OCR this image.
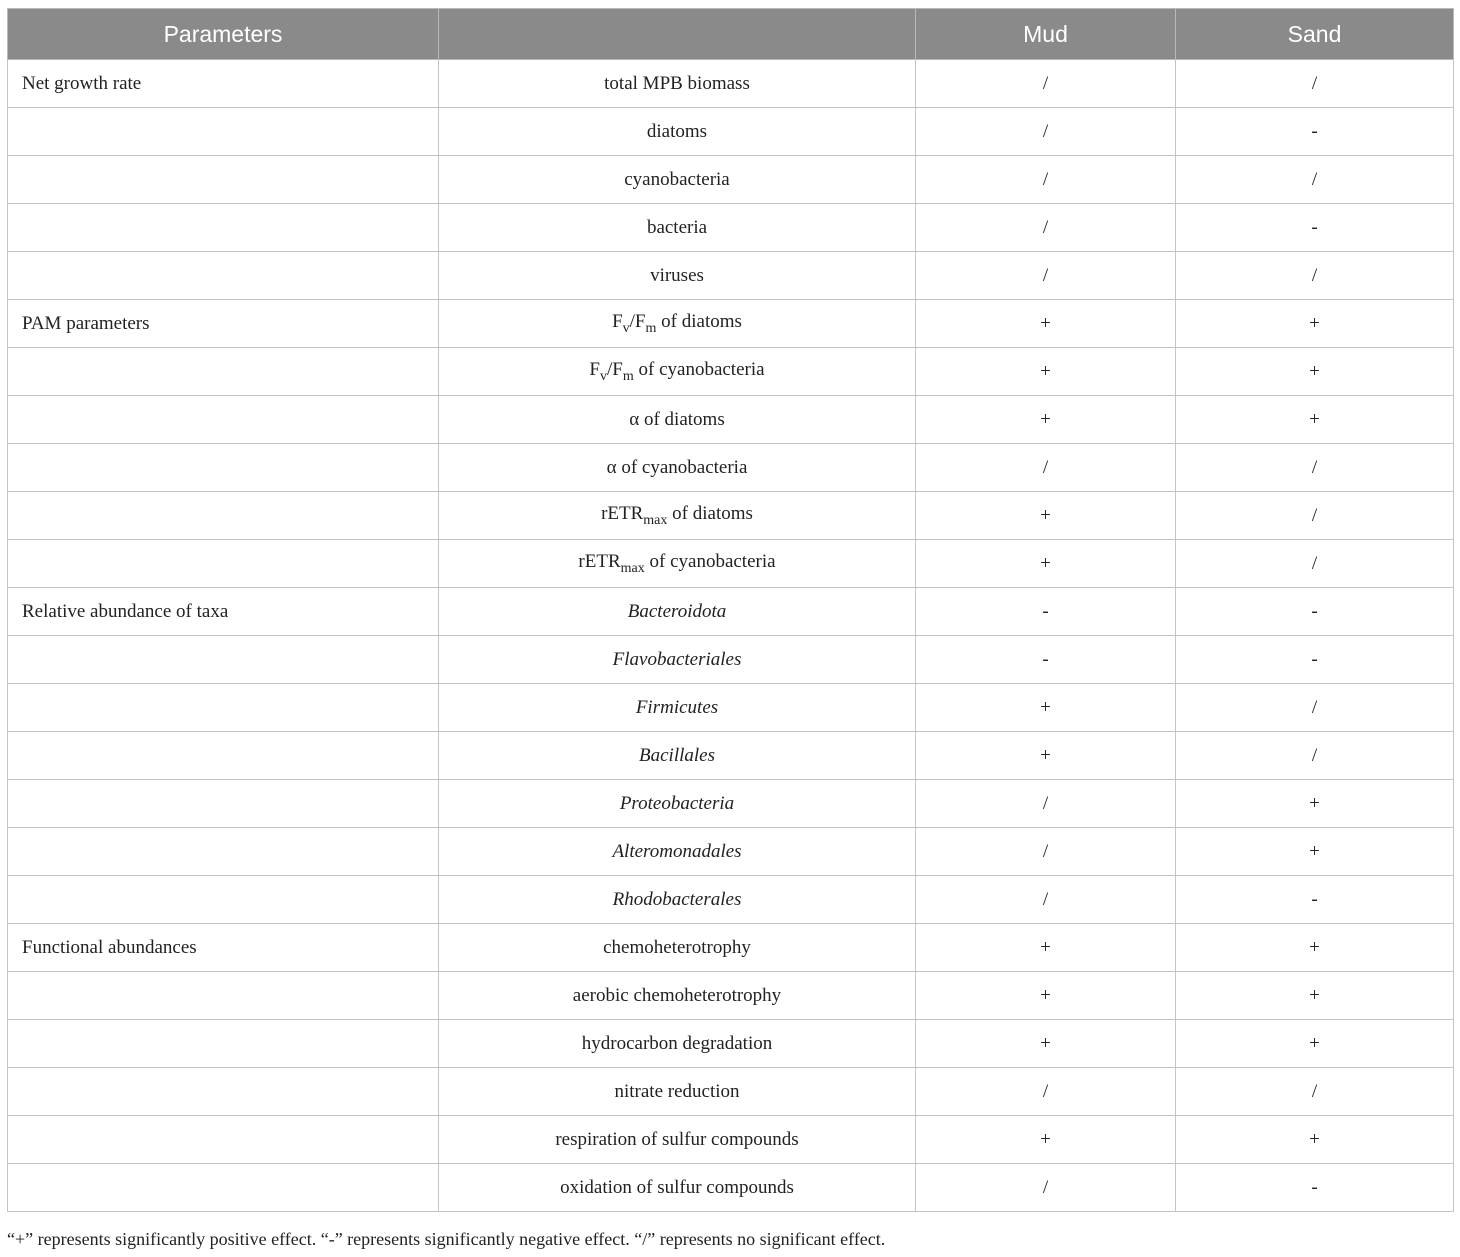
Parameters		Mud	Sand
Net growth rate	total MPB biomass	/	/
	diatoms	/	-
	cyanobacteria	/	/
	bacteria	/	-
	viruses	/	/
PAM parameters	$F_v/F_m$ of diatoms	+	+
	$F_v/F_m$ of cyanobacteria	+	+
	α of diatoms	+	+
	α of cyanobacteria	/	/
	rETR$_{max}$ of diatoms	+	/
	rETR$_{max}$ of cyanobacteria	+	/
Relative abundance of taxa	Bacteroidota	-	-
	Flavobacteriales	-	-
	Firmicutes	+	/
	Bacillales	+	/
	Proteobacteria	/	+
	Alteromonadales	/	+
	Rhodobacterales	/	-
Functional abundances	chemoheterotrophy	+	+
	aerobic chemoheterotrophy	+	+
	hydrocarbon degradation	+	+
	nitrate reduction	/	/
	respiration of sulfur compounds	+	+
	oxidation of sulfur compounds	/	-
“+” represents significantly positive effect. “-” represents significantly negative effect. “/” represents no significant effect.
